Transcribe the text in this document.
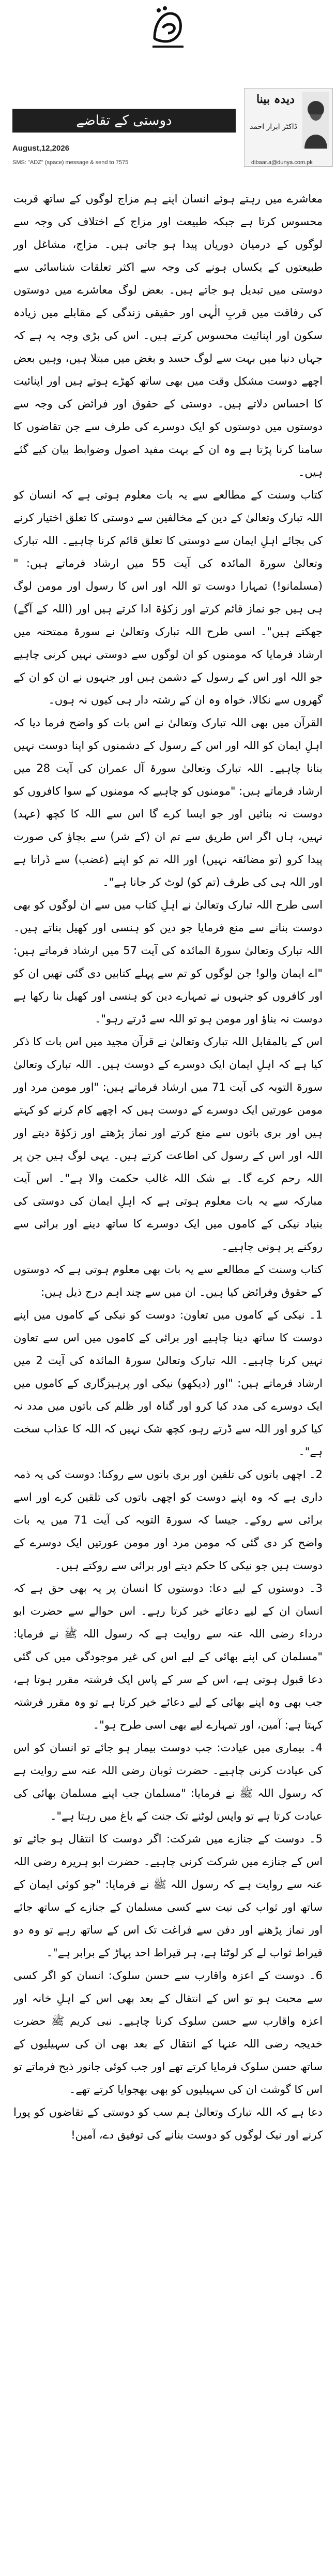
دوستی کے تقاضے
دیدہ بینا
ڈاکٹر ابرار احمد
August,12,2026
SMS: "ADZ" (space) message & send to 7575	dibaar.a@dunya.com.pk

معاشرے میں رہتے ہوئے انسان اپنے ہم مزاج لوگوں کے ساتھ قربت محسوس کرتا ہے جبکہ طبیعت اور مزاج کے اختلاف کی وجہ سے لوگوں کے درمیان دوریاں پیدا ہو جاتی ہیں۔ مزاج، مشاغل اور طبیعتوں کے یکساں ہونے کی وجہ سے اکثر تعلقات شناسائی سے دوستی میں تبدیل ہو جاتے ہیں۔ بعض لوگ معاشرے میں دوستوں کی رفاقت میں قربِ الٰہی اور حقیقی زندگی کے مقابلے میں زیادہ سکون اور اپنائیت محسوس کرتے ہیں۔ اس کی بڑی وجہ یہ ہے کہ جہاں دنیا میں بہت سے لوگ حسد و بغض میں مبتلا ہیں، وہیں بعض اچھے دوست مشکل وقت میں بھی ساتھ کھڑے ہوتے ہیں اور اپنائیت کا احساس دلاتے ہیں۔ دوستی کے حقوق اور فرائض کی وجہ سے دوستوں میں دوستوں کو ایک دوسرے کی طرف سے جن تقاضوں کا سامنا کرنا پڑتا ہے وہ ان کے بہت مفید اصول وضوابط بیان کیے گئے ہیں۔

کتاب وسنت کے مطالعے سے یہ بات معلوم ہوتی ہے کہ انسان کو اللہ تبارک وتعالیٰ کے دین کے مخالفین سے دوستی کا تعلق اختیار کرنے کی بجائے اہلِ ایمان سے دوستی کا تعلق قائم کرنا چاہیے۔ اللہ تبارک وتعالیٰ سورۃ المائدہ کی آیت 55 میں ارشاد فرماتے ہیں: "(مسلمانو!) تمہارا دوست تو اللہ اور اس کا رسول اور مومن لوگ ہی ہیں جو نماز قائم کرتے اور زکوٰۃ ادا کرتے ہیں اور (اللہ کے آگے) جھکتے ہیں"۔ اسی طرح اللہ تبارک وتعالیٰ نے سورۃ ممتحنہ میں ارشاد فرمایا کہ مومنوں کو ان لوگوں سے دوستی نہیں کرنی چاہیے جو اللہ اور اس کے رسول کے دشمن ہیں اور جنہوں نے ان کو ان کے گھروں سے نکالا، خواہ وہ ان کے رشتہ دار ہی کیوں نہ ہوں۔

القرآن میں بھی اللہ تبارک وتعالیٰ نے اس بات کو واضح فرما دیا کہ اہلِ ایمان کو اللہ اور اس کے رسول کے دشمنوں کو اپنا دوست نہیں بنانا چاہیے۔ اللہ تبارک وتعالیٰ سورۃ آل عمران کی آیت 28 میں ارشاد فرماتے ہیں: "مومنوں کو چاہیے کہ مومنوں کے سوا کافروں کو دوست نہ بنائیں اور جو ایسا کرے گا اس سے اللہ کا کچھ (عہد) نہیں، ہاں اگر اس طریق سے تم ان (کے شر) سے بچاؤ کی صورت پیدا کرو (تو مضائقہ نہیں) اور اللہ تم کو اپنے (غضب) سے ڈراتا ہے اور اللہ ہی کی طرف (تم کو) لوٹ کر جانا ہے"۔

اسی طرح اللہ تبارک وتعالیٰ نے اہلِ کتاب میں سے ان لوگوں کو بھی دوست بنانے سے منع فرمایا جو دین کو ہنسی اور کھیل بناتے ہیں۔ اللہ تبارک وتعالیٰ سورۃ المائدہ کی آیت 57 میں ارشاد فرماتے ہیں: "اے ایمان والو! جن لوگوں کو تم سے پہلے کتابیں دی گئی تھیں ان کو اور کافروں کو جنہوں نے تمہارے دین کو ہنسی اور کھیل بنا رکھا ہے دوست نہ بناؤ اور مومن ہو تو اللہ سے ڈرتے رہو"۔

اس کے بالمقابل اللہ تبارک وتعالیٰ نے قرآن مجید میں اس بات کا ذکر کیا ہے کہ اہلِ ایمان ایک دوسرے کے دوست ہیں۔ اللہ تبارک وتعالیٰ سورۃ التوبہ کی آیت 71 میں ارشاد فرماتے ہیں: "اور مومن مرد اور مومن عورتیں ایک دوسرے کے دوست ہیں کہ اچھے کام کرنے کو کہتے ہیں اور بری باتوں سے منع کرتے اور نماز پڑھتے اور زکوٰۃ دیتے اور اللہ اور اس کے رسول کی اطاعت کرتے ہیں۔ یہی لوگ ہیں جن پر اللہ رحم کرے گا۔ بے شک اللہ غالب حکمت والا ہے"۔ اس آیت مبارکہ سے یہ بات معلوم ہوتی ہے کہ اہلِ ایمان کی دوستی کی بنیاد نیکی کے کاموں میں ایک دوسرے کا ساتھ دینے اور برائی سے روکنے پر ہونی چاہیے۔

کتاب وسنت کے مطالعے سے یہ بات بھی معلوم ہوتی ہے کہ دوستوں کے حقوق وفرائض کیا ہیں۔ ان میں سے چند اہم درج ذیل ہیں:

1۔ نیکی کے کاموں میں تعاون: دوست کو نیکی کے کاموں میں اپنے دوست کا ساتھ دینا چاہیے اور برائی کے کاموں میں اس سے تعاون نہیں کرنا چاہیے۔ اللہ تبارک وتعالیٰ سورۃ المائدہ کی آیت 2 میں ارشاد فرماتے ہیں: "اور (دیکھو) نیکی اور پرہیزگاری کے کاموں میں ایک دوسرے کی مدد کیا کرو اور گناہ اور ظلم کی باتوں میں مدد نہ کیا کرو اور اللہ سے ڈرتے رہو، کچھ شک نہیں کہ اللہ کا عذاب سخت ہے"۔

2۔ اچھی باتوں کی تلقین اور بری باتوں سے روکنا: دوست کی یہ ذمہ داری ہے کہ وہ اپنے دوست کو اچھی باتوں کی تلقین کرے اور اسے برائی سے روکے۔ جیسا کہ سورۃ التوبہ کی آیت 71 میں یہ بات واضح کر دی گئی کہ مومن مرد اور مومن عورتیں ایک دوسرے کے دوست ہیں جو نیکی کا حکم دیتے اور برائی سے روکتے ہیں۔

3۔ دوستوں کے لیے دعا: دوستوں کا انسان پر یہ بھی حق ہے کہ انسان ان کے لیے دعائے خیر کرتا رہے۔ اس حوالے سے حضرت ابو درداء رضی اللہ عنہ سے روایت ہے کہ رسول اللہ ﷺ نے فرمایا: "مسلمان کی اپنے بھائی کے لیے اس کی غیر موجودگی میں کی گئی دعا قبول ہوتی ہے، اس کے سر کے پاس ایک فرشتہ مقرر ہوتا ہے، جب بھی وہ اپنے بھائی کے لیے دعائے خیر کرتا ہے تو وہ مقرر فرشتہ کہتا ہے: آمین، اور تمہارے لیے بھی اسی طرح ہو"۔

4۔ بیماری میں عیادت: جب دوست بیمار ہو جائے تو انسان کو اس کی عیادت کرنی چاہیے۔ حضرت ثوبان رضی اللہ عنہ سے روایت ہے کہ رسول اللہ ﷺ نے فرمایا: "مسلمان جب اپنے مسلمان بھائی کی عیادت کرتا ہے تو واپس لوٹنے تک جنت کے باغ میں رہتا ہے"۔

5۔ دوست کے جنازے میں شرکت: اگر دوست کا انتقال ہو جائے تو اس کے جنازے میں شرکت کرنی چاہیے۔ حضرت ابو ہریرہ رضی اللہ عنہ سے روایت ہے کہ رسول اللہ ﷺ نے فرمایا: "جو کوئی ایمان کے ساتھ اور ثواب کی نیت سے کسی مسلمان کے جنازے کے ساتھ جائے اور نماز پڑھنے اور دفن سے فراغت تک اس کے ساتھ رہے تو وہ دو قیراط ثواب لے کر لوٹتا ہے، ہر قیراط احد پہاڑ کے برابر ہے"۔

6۔ دوست کے اعزہ واقارب سے حسن سلوک: انسان کو اگر کسی سے محبت ہو تو اس کے انتقال کے بعد بھی اس کے اہلِ خانہ اور اعزہ واقارب سے حسن سلوک کرنا چاہیے۔ نبی کریم ﷺ حضرت خدیجہ رضی اللہ عنہا کے انتقال کے بعد بھی ان کی سہیلیوں کے ساتھ حسن سلوک فرمایا کرتے تھے اور جب کوئی جانور ذبح فرماتے تو اس کا گوشت ان کی سہیلیوں کو بھی بھجوایا کرتے تھے۔

دعا ہے کہ اللہ تبارک وتعالیٰ ہم سب کو دوستی کے تقاضوں کو پورا کرنے اور نیک لوگوں کو دوست بنانے کی توفیق دے، آمین!
